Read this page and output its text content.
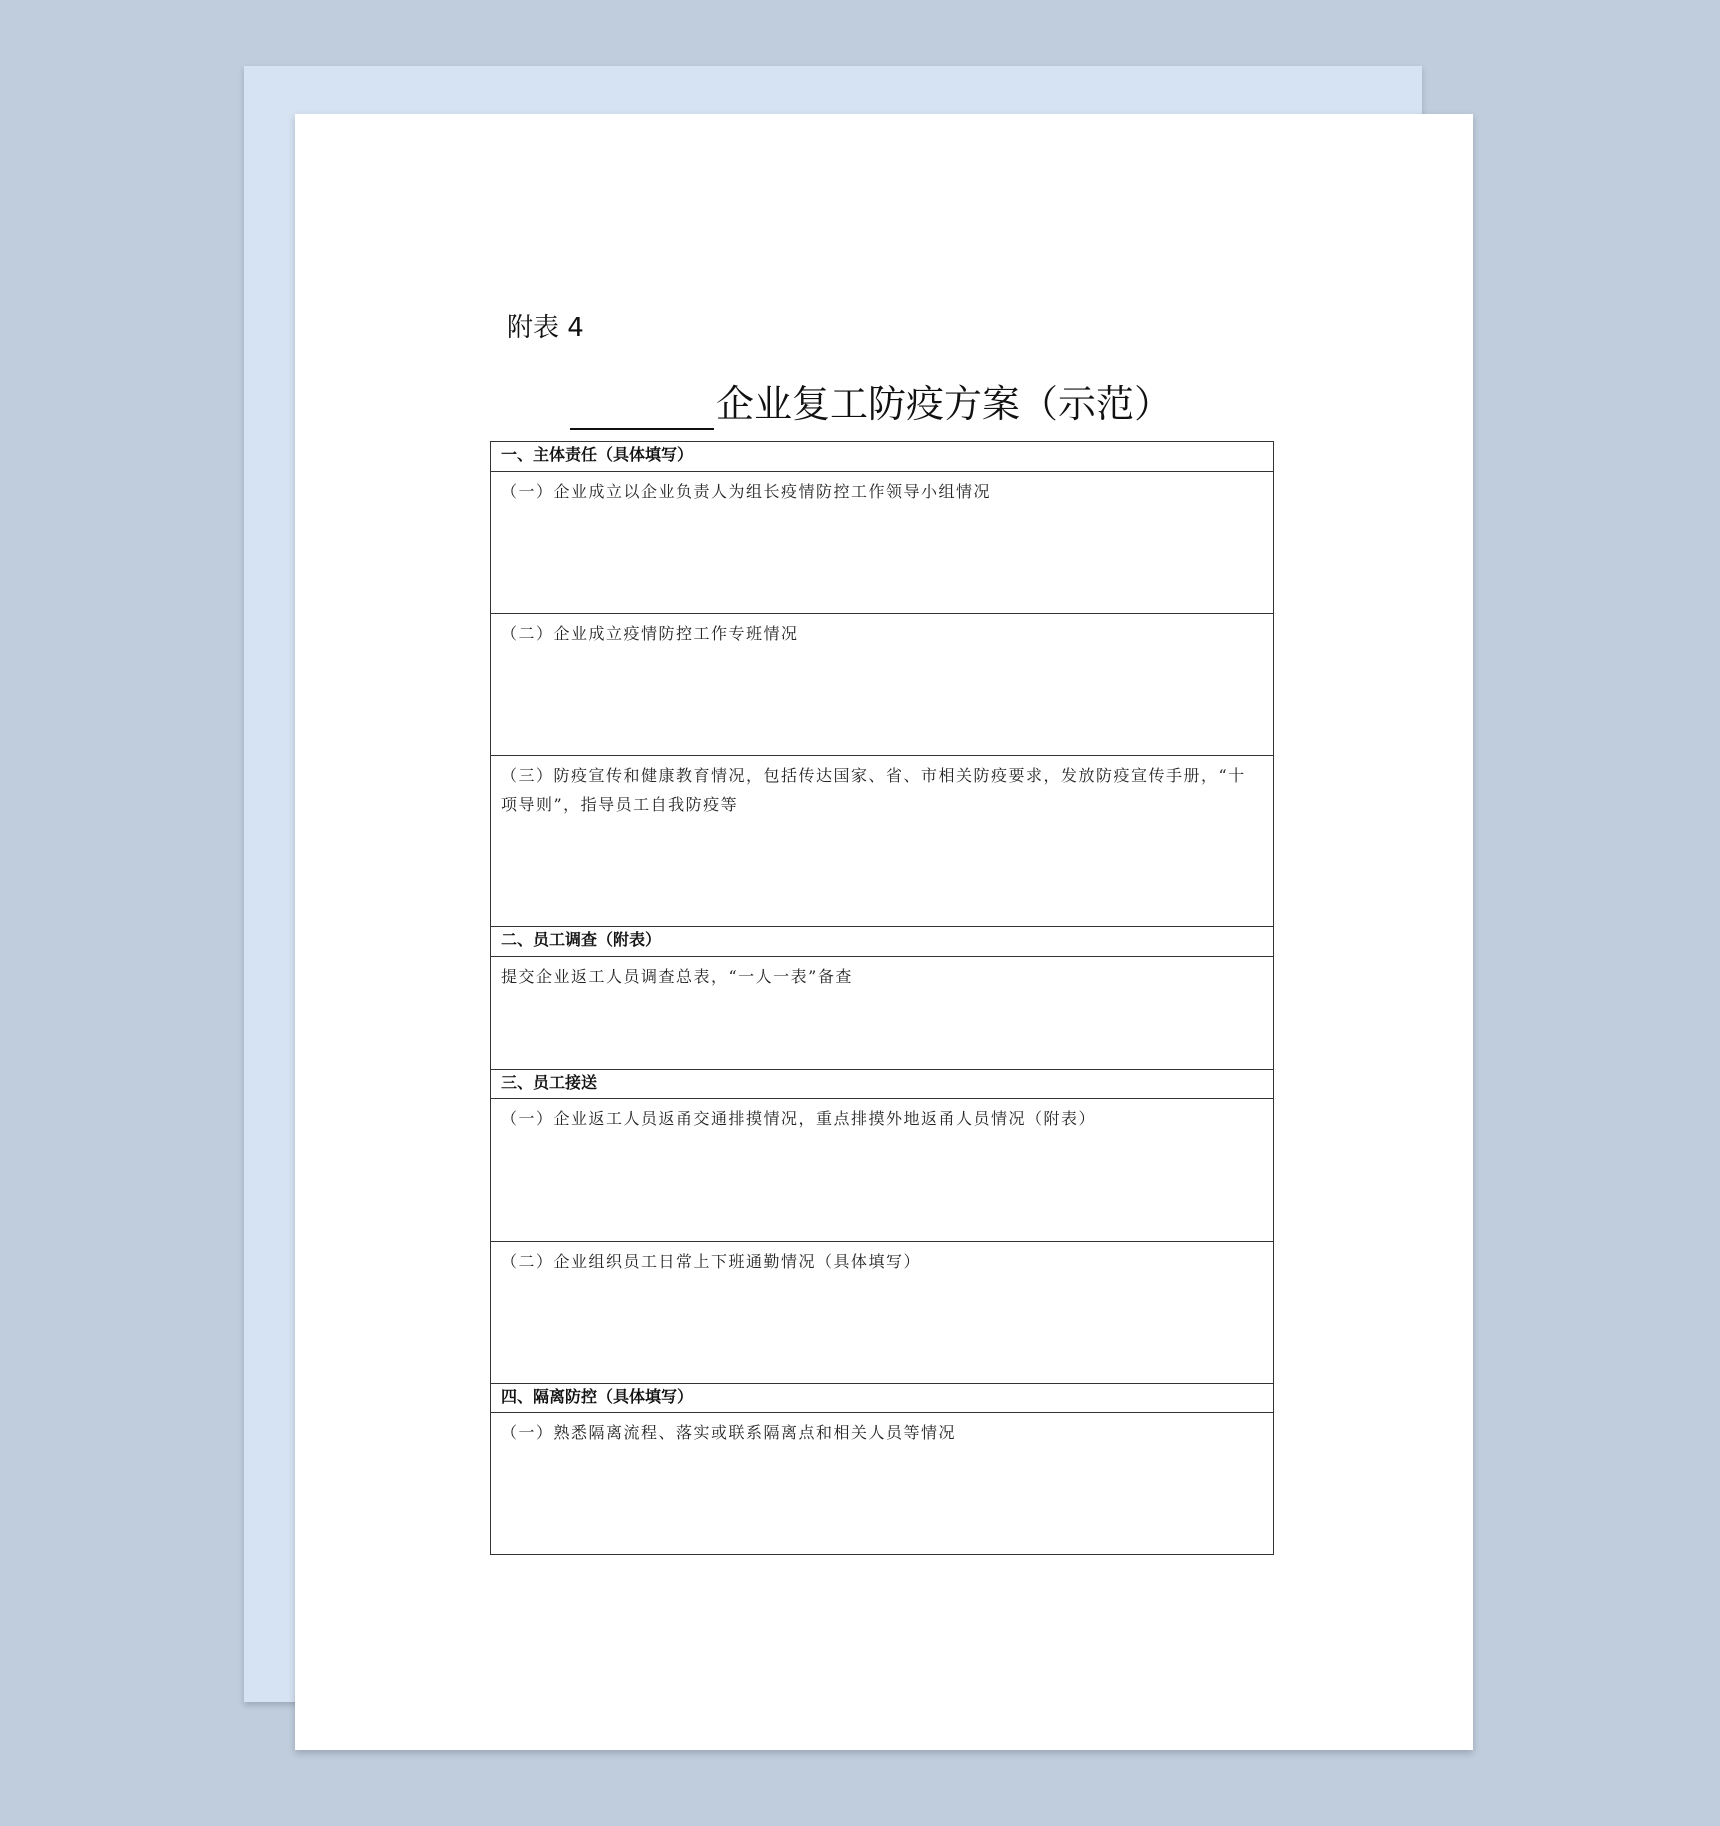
附表 4
企业复工防疫方案（示范）
一、主体责任（具体填写）
（一）企业成立以企业负责人为组长疫情防控工作领导小组情况
（二）企业成立疫情防控工作专班情况
（三）防疫宣传和健康教育情况，包括传达国家、省、市相关防疫要求，发放防疫宣传手册，“十项导则”，指导员工自我防疫等
二、员工调查（附表）
提交企业返工人员调查总表，“一人一表”备查
三、员工接送
（一）企业返工人员返甬交通排摸情况，重点排摸外地返甬人员情况（附表）
（二）企业组织员工日常上下班通勤情况（具体填写）
四、隔离防控（具体填写）
（一）熟悉隔离流程、落实或联系隔离点和相关人员等情况
